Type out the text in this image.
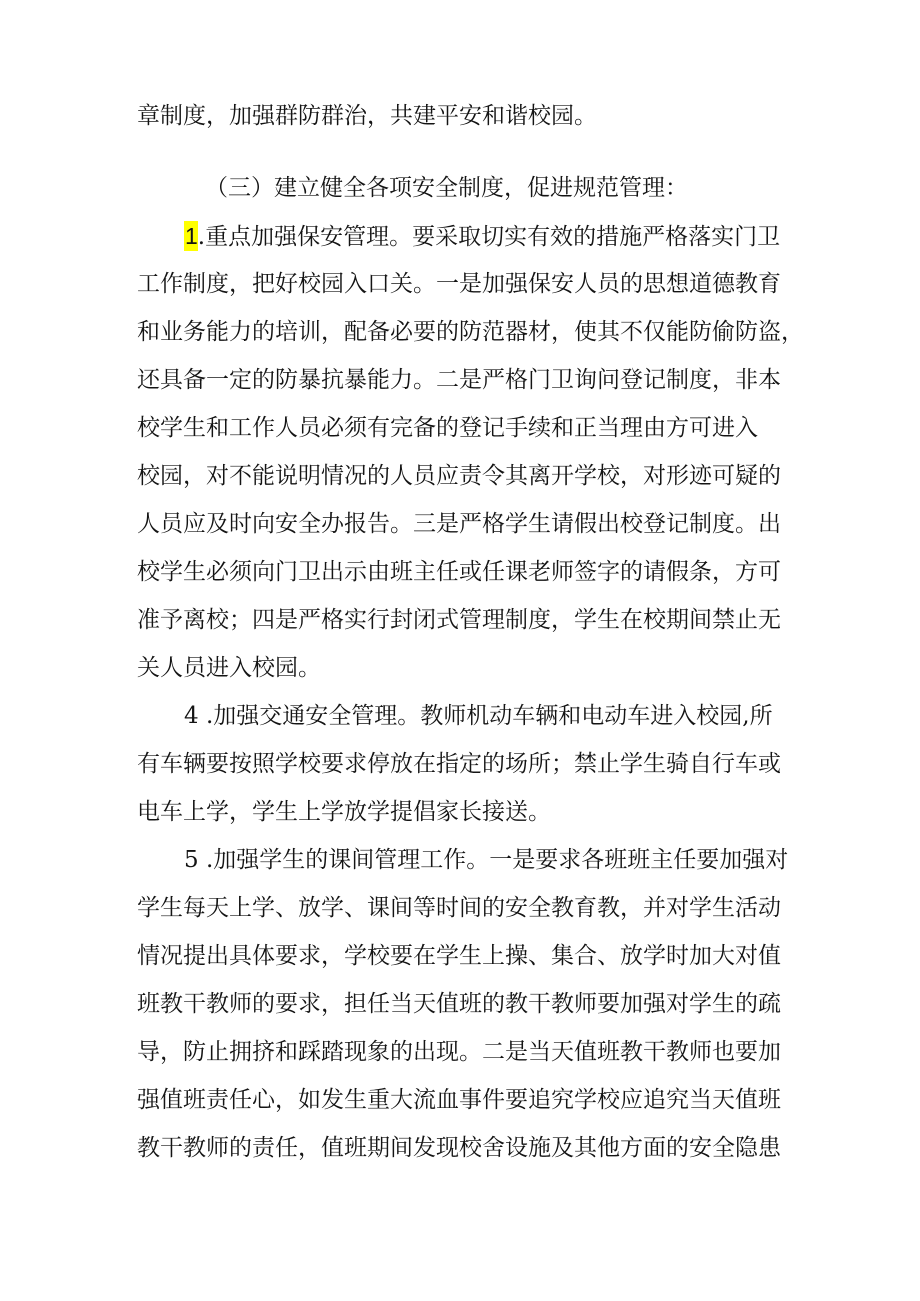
章制度，加强群防群治，共建平安和谐校园。
（三）建立健全各项安全制度，促进规范管理：
1.重点加强保安管理。要采取切实有效的措施严格落实门卫
工作制度，把好校园入口关。一是加强保安人员的思想道德教育
和业务能力的培训，配备必要的防范器材，使其不仅能防偷防盗，
还具备一定的防暴抗暴能力。二是严格门卫询问登记制度，非本
校学生和工作人员必须有完备的登记手续和正当理由方可进入
校园，对不能说明情况的人员应责令其离开学校，对形迹可疑的
人员应及时向安全办报告。三是严格学生请假出校登记制度。出
校学生必须向门卫出示由班主任或任课老师签字的请假条，方可
准予离校；四是严格实行封闭式管理制度，学生在校期间禁止无
关人员进入校园。
4 .加强交通安全管理。教师机动车辆和电动车进入校园,所
有车辆要按照学校要求停放在指定的场所；禁止学生骑自行车或
电车上学，学生上学放学提倡家长接送。
5 .加强学生的课间管理工作。一是要求各班班主任要加强对
学生每天上学、放学、课间等时间的安全教育教，并对学生活动
情况提出具体要求，学校要在学生上操、集合、放学时加大对值
班教干教师的要求，担任当天值班的教干教师要加强对学生的疏
导，防止拥挤和踩踏现象的出现。二是当天值班教干教师也要加
强值班责任心，如发生重大流血事件要追究学校应追究当天值班
教干教师的责任，值班期间发现校舍设施及其他方面的安全隐患
